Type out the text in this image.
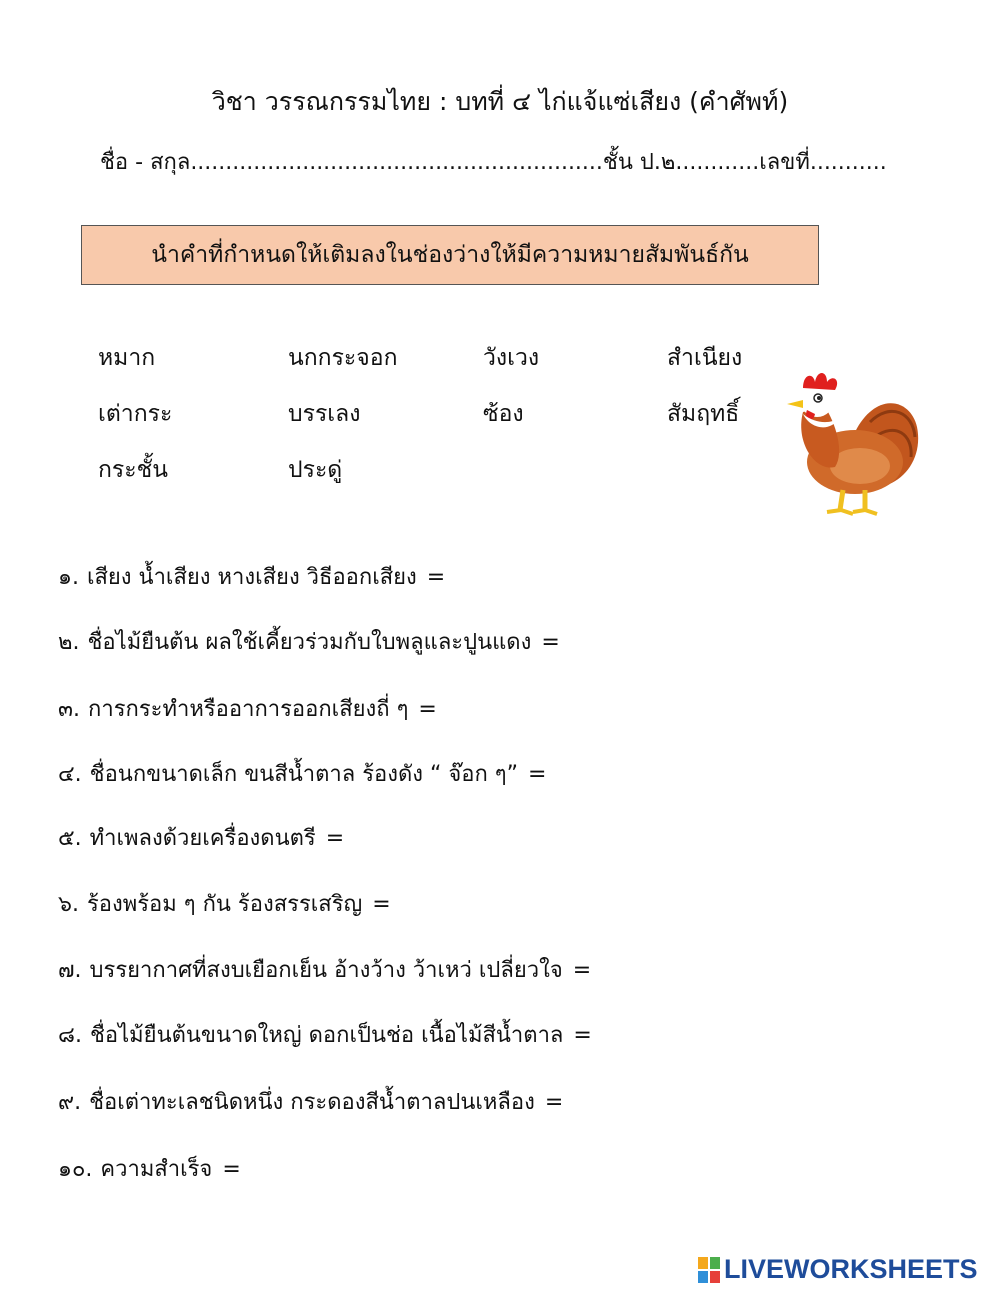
วิชา วรรณกรรมไทย : บทที่ ๔ ไก่แจ้แซ่เสียง (คำศัพท์)
ชื่อ - สกุล...........................................................ชั้น ป.๒............เลขที่...........
นำคำที่กำหนดให้เติมลงในช่องว่างให้มีความหมายสัมพันธ์กัน
หมาก	นกกระจอก	วังเวง	สำเนียง
เต่ากระ	บรรเลง	ซ้อง	สัมฤทธิ์
กระชั้น	ประดู่
๑. เสียง น้ำเสียง หางเสียง วิธีออกเสียง =
๒. ชื่อไม้ยืนต้น ผลใช้เคี้ยวร่วมกับใบพลูและปูนแดง =
๓. การกระทำหรืออาการออกเสียงถี่ ๆ =
๔. ชื่อนกขนาดเล็ก ขนสีน้ำตาล ร้องดัง “ จ๊อก ๆ” =
๕. ทำเพลงด้วยเครื่องดนตรี =
๖. ร้องพร้อม ๆ กัน ร้องสรรเสริญ =
๗. บรรยากาศที่สงบเยือกเย็น อ้างว้าง ว้าเหว่ เปลี่ยวใจ =
๘. ชื่อไม้ยืนต้นขนาดใหญ่ ดอกเป็นช่อ เนื้อไม้สีน้ำตาล =
๙. ชื่อเต่าทะเลชนิดหนึ่ง กระดองสีน้ำตาลปนเหลือง =
๑๐. ความสำเร็จ =
LIVEWORKSHEETS
